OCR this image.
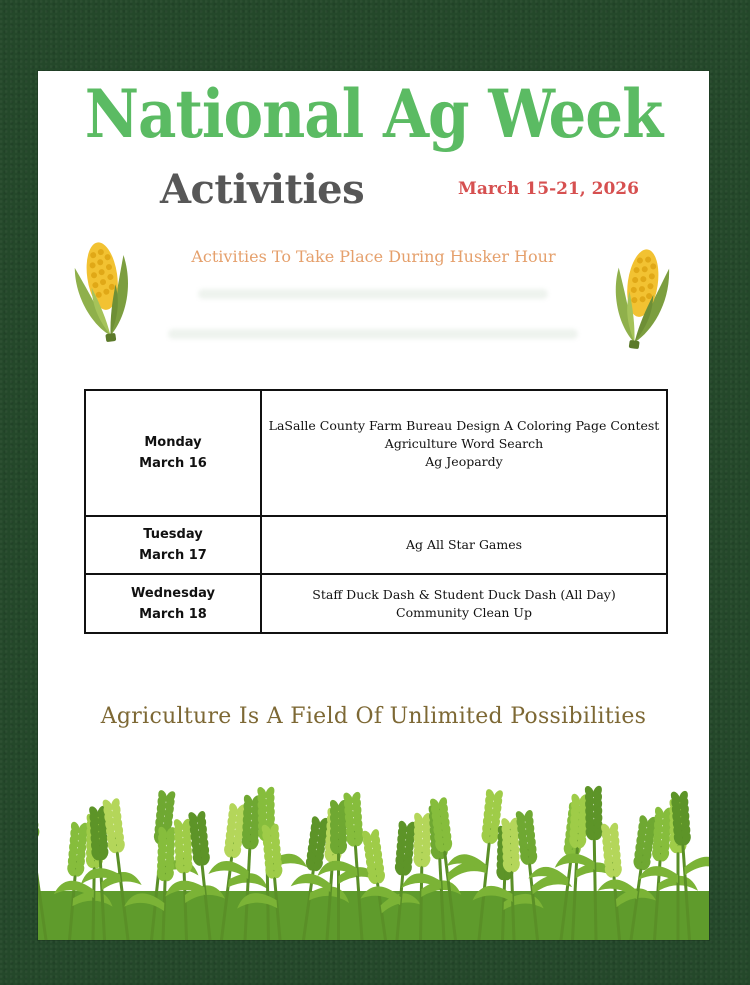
National Ag Week
Activities	March 15-21, 2026
Activities To Take Place During Husker Hour
Monday
March 16	LaSalle County Farm Bureau Design A Coloring Page Contest
Agriculture Word Search
Ag Jeopardy

Tuesday
March 17	Ag All Star Games

Wednesday
March 18	Staff Duck Dash & Student Duck Dash (All Day)
Community Clean Up
Agriculture Is A Field Of Unlimited Possibilities
